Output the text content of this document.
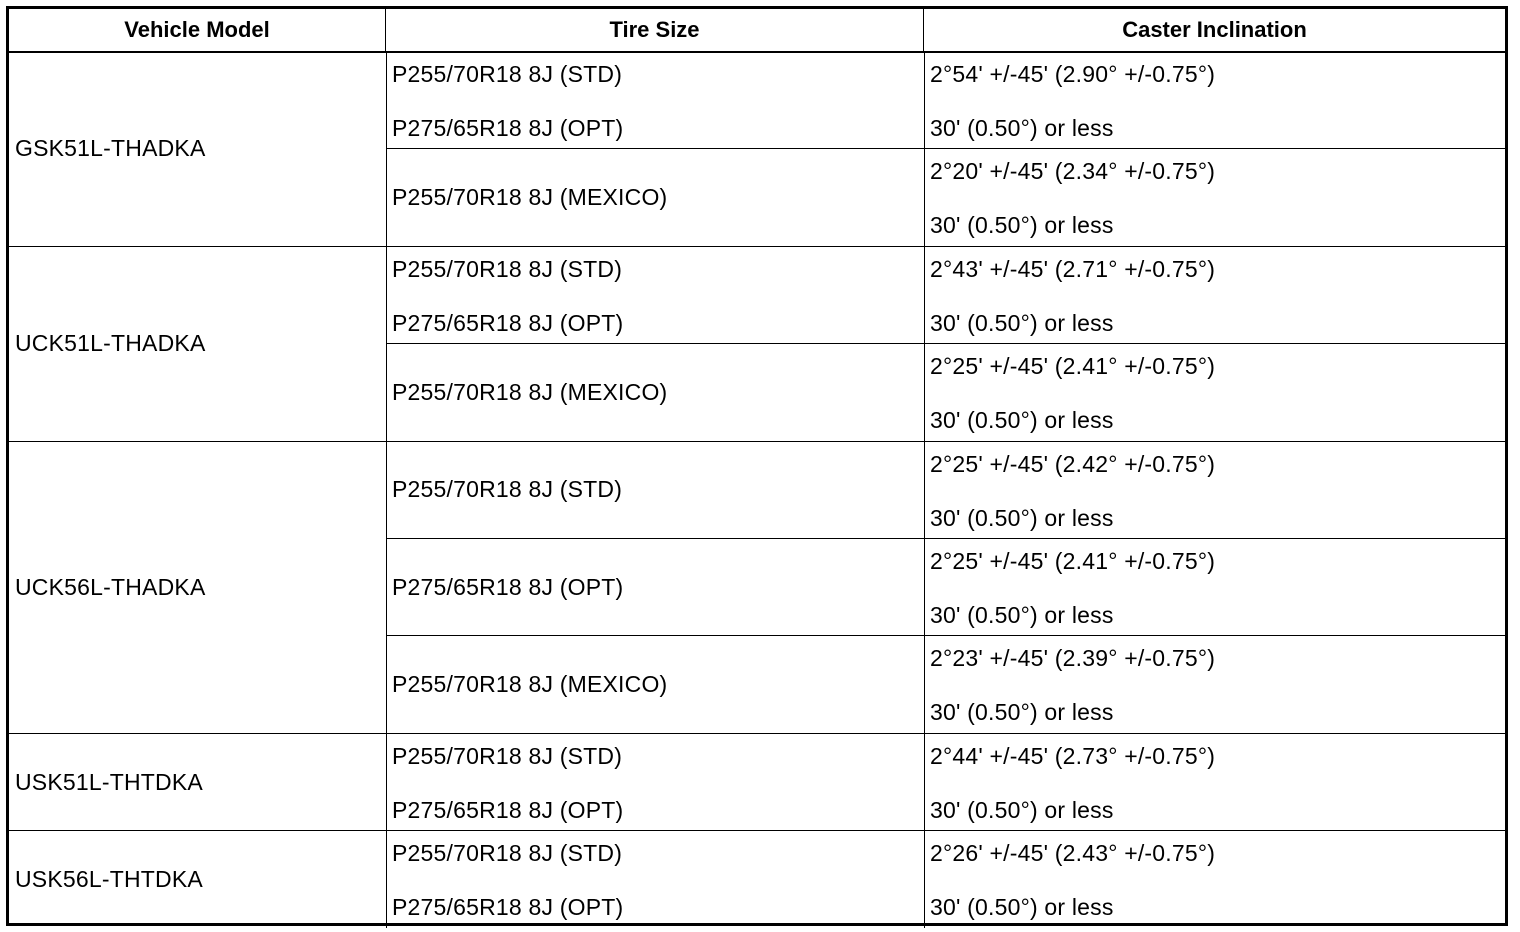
Vehicle Model	Tire Size	Caster Inclination
GSK51L-THADKA
P255/70R18 8J (STD)
P275/65R18 8J (OPT)
2°54' +/-45' (2.90° +/-0.75°)
30' (0.50°) or less
P255/70R18 8J (MEXICO)
2°20' +/-45' (2.34° +/-0.75°)
30' (0.50°) or less
UCK51L-THADKA
P255/70R18 8J (STD)
P275/65R18 8J (OPT)
2°43' +/-45' (2.71° +/-0.75°)
30' (0.50°) or less
P255/70R18 8J (MEXICO)
2°25' +/-45' (2.41° +/-0.75°)
30' (0.50°) or less
UCK56L-THADKA
P255/70R18 8J (STD)
2°25' +/-45' (2.42° +/-0.75°)
30' (0.50°) or less
P275/65R18 8J (OPT)
2°25' +/-45' (2.41° +/-0.75°)
30' (0.50°) or less
P255/70R18 8J (MEXICO)
2°23' +/-45' (2.39° +/-0.75°)
30' (0.50°) or less
USK51L-THTDKA
P255/70R18 8J (STD)
P275/65R18 8J (OPT)
2°44' +/-45' (2.73° +/-0.75°)
30' (0.50°) or less
USK56L-THTDKA
P255/70R18 8J (STD)
P275/65R18 8J (OPT)
2°26' +/-45' (2.43° +/-0.75°)
30' (0.50°) or less
